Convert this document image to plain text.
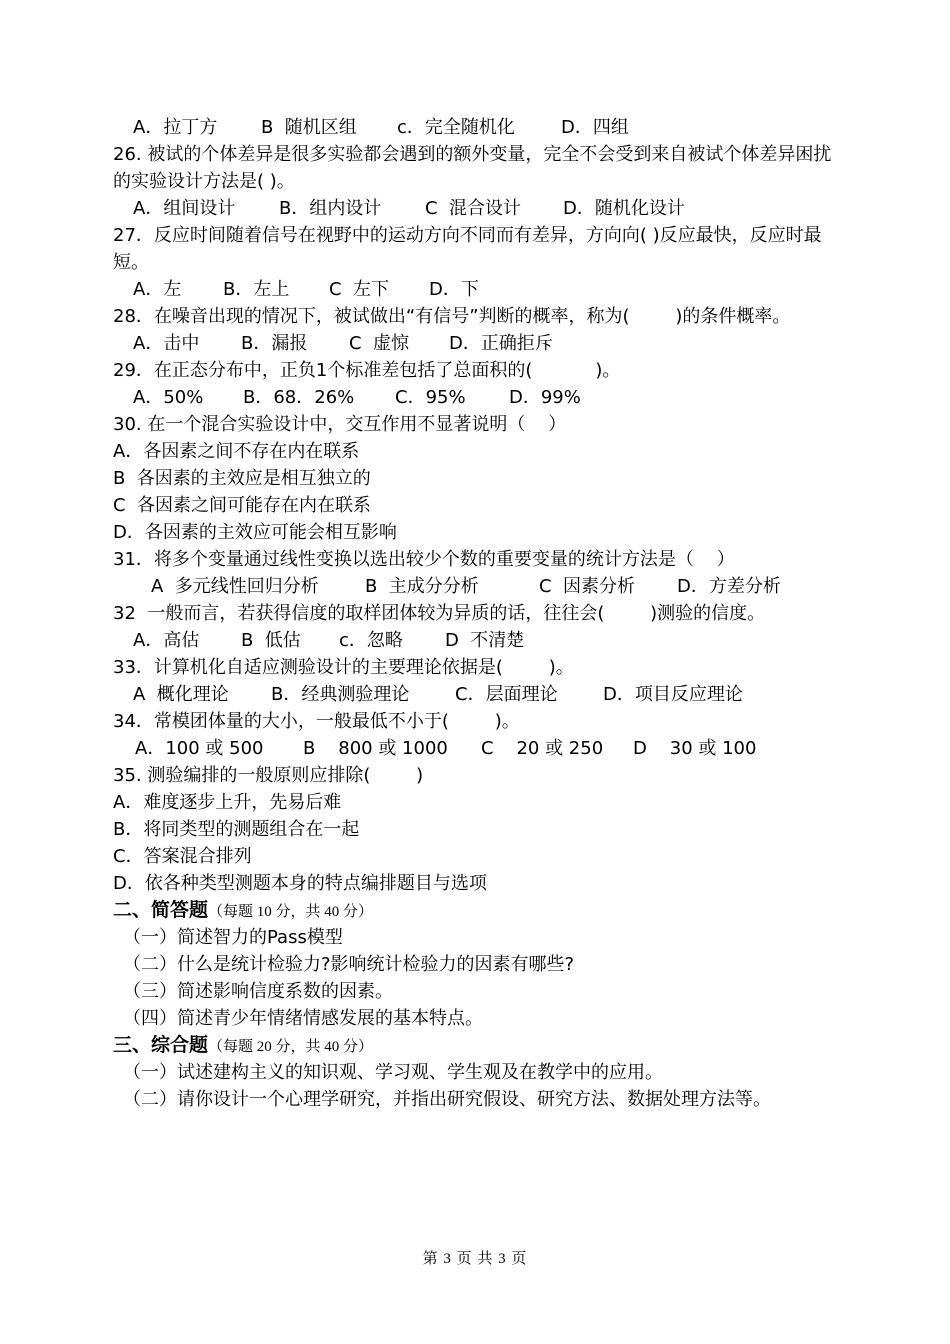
A．拉丁方 B  随机区组 c．完全随机化	D．四组
26. 被试的个体差异是很多实验都会遇到的额外变量，完全不会受到来自被试个体差异困扰的实验设计方法是( )。
A．组间设计 B．组内设计 C  混合设计 D．随机化设计
27．反应时间随着信号在视野中的运动方向不同而有差异，方向向( )反应最快，反应时最短。
A．左 B．左上 C  左下 D．下
28．在噪音出现的情况下，被试做出“有信号”判断的概率，称为(        )的条件概率。
A．击中 B．漏报 C  虚惊 D．正确拒斥
29．在正态分布中，正负1个标准差包括了总面积的(           )。
A．50% B．68．26% C．95% D．99%
30. 在一个混合实验设计中，交互作用不显著说明（    ）
A．各因素之间不存在内在联系
B  各因素的主效应是相互独立的
C  各因素之间可能存在内在联系
D．各因素的主效应可能会相互影响
31．将多个变量通过线性变换以选出较少个数的重要变量的统计方法是（    ）
A  多元线性回归分析	B  主成分分析	C  因素分析 D．方差分析
32  一般而言，若获得信度的取样团体较为异质的话，往往会(        )测验的信度。
A．高估 B  低估 c．忽略 D  不清楚
33．计算机化自适应测验设计的主要理论依据是(        )。
A  概化理论 B．经典测验理论	C．层面理论	D．项目反应理论
34．常模团体量的大小，一般最低不小于(        )。
A．100 或 500 B    800 或 1000 C    20 或 250 D    30 或 100
35. 测验编排的一般原则应排除(        )
A．难度逐步上升，先易后难
B．将同类型的测题组合在一起
C．答案混合排列
D．依各种类型测题本身的特点编排题目与选项
二、简答题（每题 10 分，共 40 分）
（一）简述智力的Pass模型
（二）什么是统计检验力?影响统计检验力的因素有哪些?
（三）简述影响信度系数的因素。
（四）简述青少年情绪情感发展的基本特点。
三、综合题（每题 20 分，共 40 分）
（一）试述建构主义的知识观、学习观、学生观及在教学中的应用。
（二）请你设计一个心理学研究，并指出研究假设、研究方法、数据处理方法等。
第 3 页 共 3 页
